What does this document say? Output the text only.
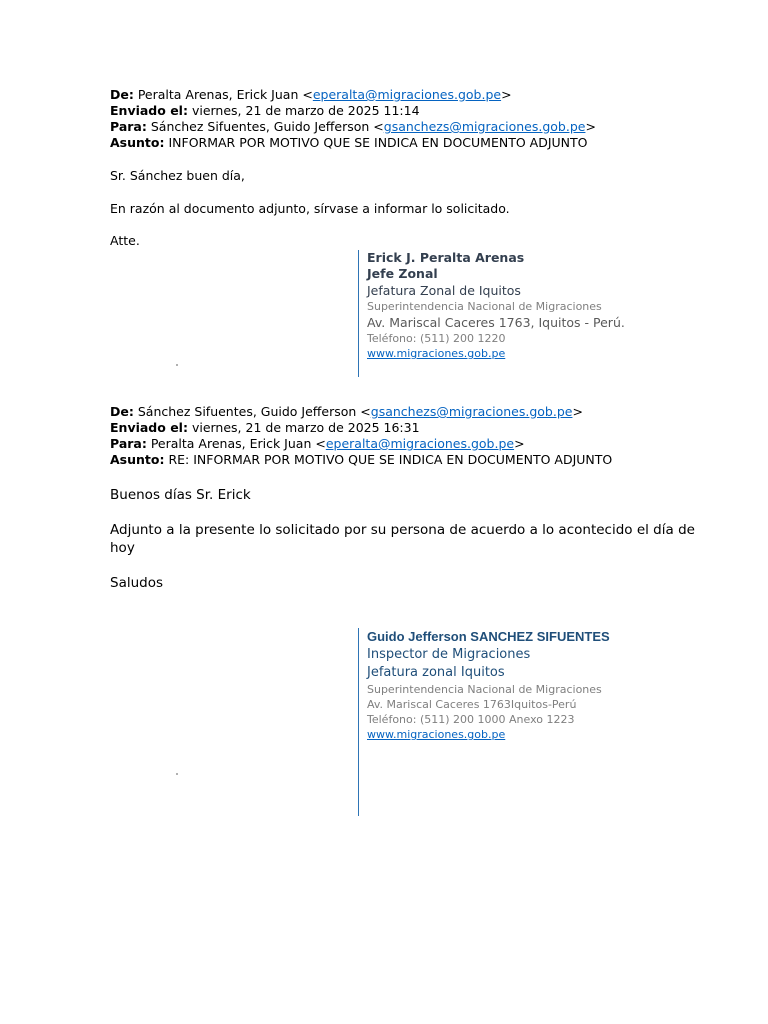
De: Peralta Arenas, Erick Juan <eperalta@migraciones.gob.pe>
Enviado el: viernes, 21 de marzo de 2025 11:14
Para: Sánchez Sifuentes, Guido Jefferson <gsanchezs@migraciones.gob.pe>
Asunto: INFORMAR POR MOTIVO QUE SE INDICA EN DOCUMENTO ADJUNTO
Sr. Sánchez buen día,
En razón al documento adjunto, sírvase a informar lo solicitado.
Atte.
Erick J. Peralta Arenas
Jefe Zonal
Jefatura Zonal de Iquitos
Superintendencia Nacional de Migraciones
Av. Mariscal Caceres 1763, Iquitos - Perú.
Teléfono: (511) 200 1220
www.migraciones.gob.pe
De: Sánchez Sifuentes, Guido Jefferson <gsanchezs@migraciones.gob.pe>
Enviado el: viernes, 21 de marzo de 2025 16:31
Para: Peralta Arenas, Erick Juan <eperalta@migraciones.gob.pe>
Asunto: RE: INFORMAR POR MOTIVO QUE SE INDICA EN DOCUMENTO ADJUNTO
Buenos días Sr. Erick
Adjunto a la presente lo solicitado por su persona de acuerdo a lo acontecido el día de
hoy
Saludos
Guido Jefferson SANCHEZ SIFUENTES
Inspector de Migraciones
Jefatura zonal Iquitos
Superintendencia Nacional de Migraciones
Av. Mariscal Caceres 1763Iquitos-Perú
Teléfono: (511) 200 1000 Anexo 1223
www.migraciones.gob.pe
